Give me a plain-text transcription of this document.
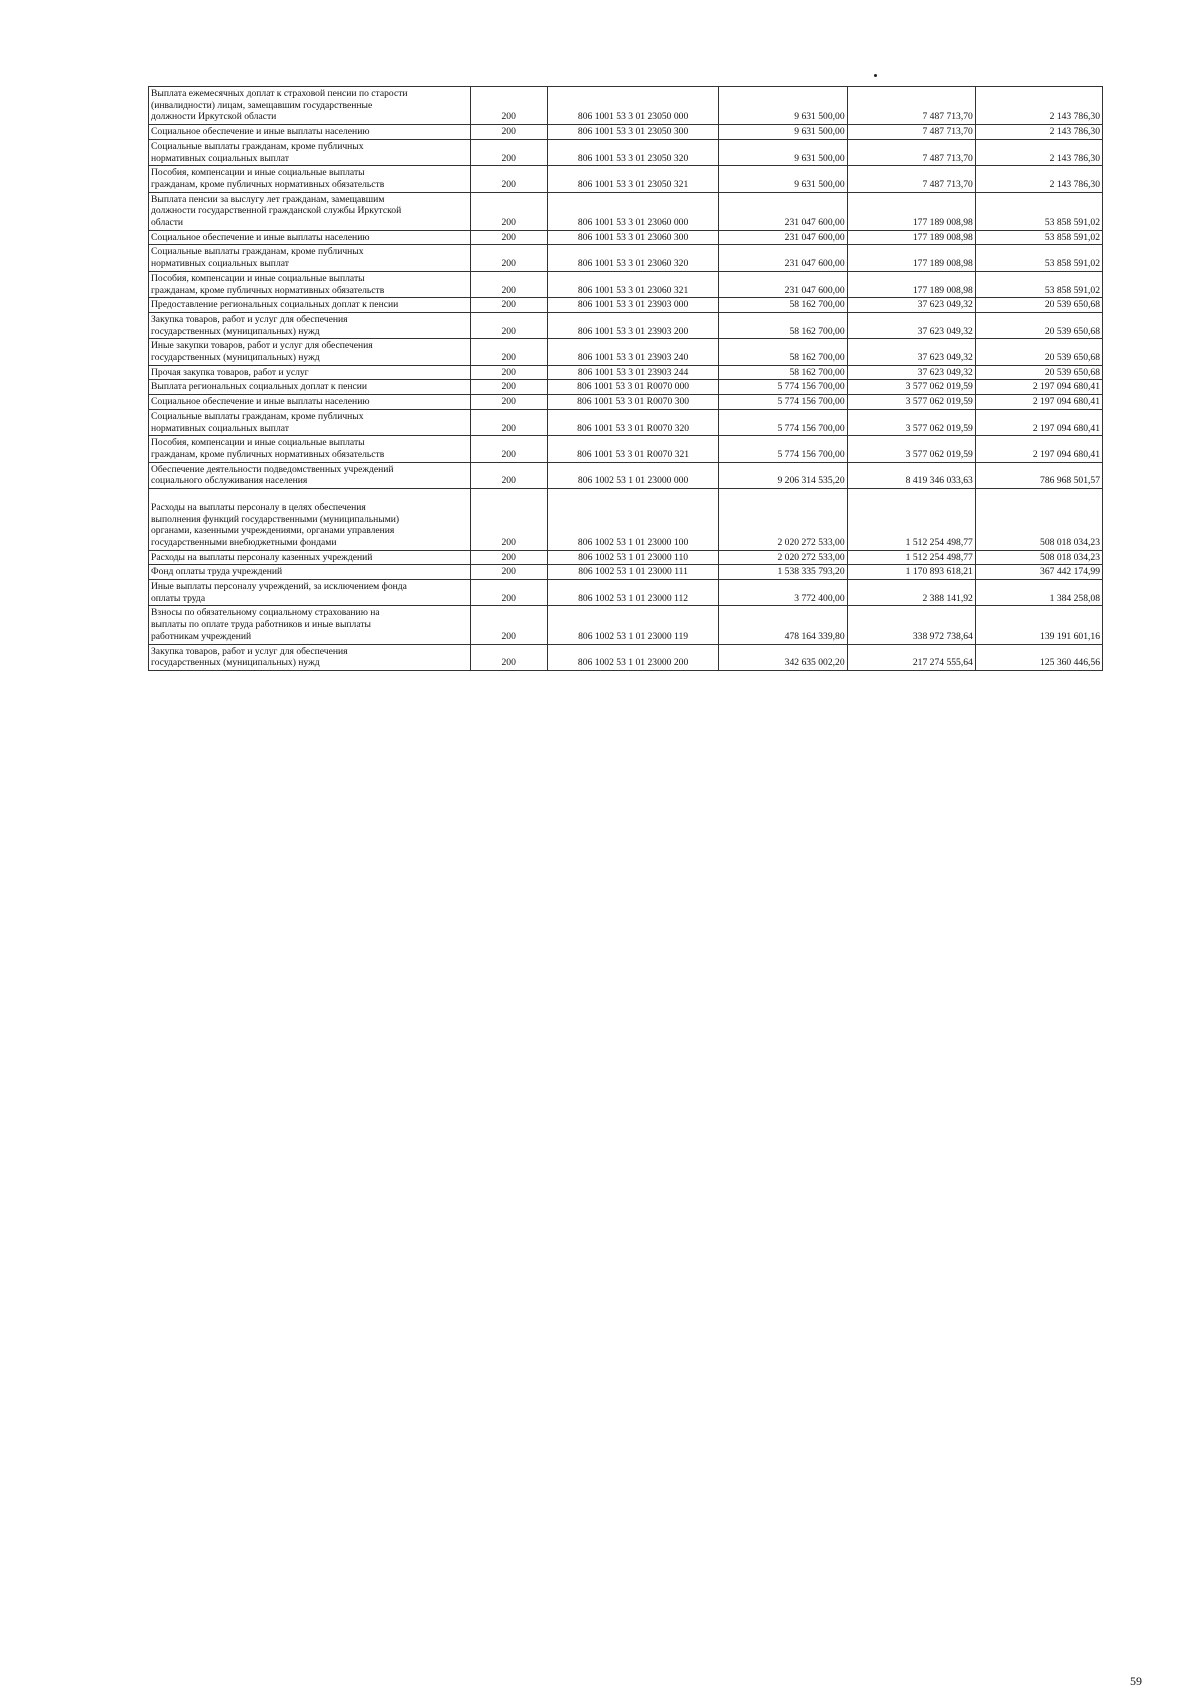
Выплата ежемесячных доплат к страховой пенсии по старости
(инвалидности) лицам, замещавшим государственные
должности Иркутской области	200	806 1001 53 3 01 23050 000	9 631 500,00	7 487 713,70	2 143 786,30
Социальное обеспечение и иные выплаты населению	200	806 1001 53 3 01 23050 300	9 631 500,00	7 487 713,70	2 143 786,30
Социальные выплаты гражданам, кроме публичных
нормативных социальных выплат	200	806 1001 53 3 01 23050 320	9 631 500,00	7 487 713,70	2 143 786,30
Пособия, компенсации и иные социальные выплаты
гражданам, кроме публичных нормативных обязательств	200	806 1001 53 3 01 23050 321	9 631 500,00	7 487 713,70	2 143 786,30
Выплата пенсии за выслугу лет гражданам, замещавшим
должности государственной гражданской службы Иркутской
области	200	806 1001 53 3 01 23060 000	231 047 600,00	177 189 008,98	53 858 591,02
Социальное обеспечение и иные выплаты населению	200	806 1001 53 3 01 23060 300	231 047 600,00	177 189 008,98	53 858 591,02
Социальные выплаты гражданам, кроме публичных
нормативных социальных выплат	200	806 1001 53 3 01 23060 320	231 047 600,00	177 189 008,98	53 858 591,02
Пособия, компенсации и иные социальные выплаты
гражданам, кроме публичных нормативных обязательств	200	806 1001 53 3 01 23060 321	231 047 600,00	177 189 008,98	53 858 591,02
Предоставление региональных социальных доплат к пенсии	200	806 1001 53 3 01 23903 000	58 162 700,00	37 623 049,32	20 539 650,68
Закупка товаров, работ и услуг для обеспечения
государственных (муниципальных) нужд	200	806 1001 53 3 01 23903 200	58 162 700,00	37 623 049,32	20 539 650,68
Иные закупки товаров, работ и услуг для обеспечения
государственных (муниципальных) нужд	200	806 1001 53 3 01 23903 240	58 162 700,00	37 623 049,32	20 539 650,68
Прочая закупка товаров, работ и услуг	200	806 1001 53 3 01 23903 244	58 162 700,00	37 623 049,32	20 539 650,68
Выплата региональных социальных доплат к пенсии	200	806 1001 53 3 01 R0070 000	5 774 156 700,00	3 577 062 019,59	2 197 094 680,41
Социальное обеспечение и иные выплаты населению	200	806 1001 53 3 01 R0070 300	5 774 156 700,00	3 577 062 019,59	2 197 094 680,41
Социальные выплаты гражданам, кроме публичных
нормативных социальных выплат	200	806 1001 53 3 01 R0070 320	5 774 156 700,00	3 577 062 019,59	2 197 094 680,41
Пособия, компенсации и иные социальные выплаты
гражданам, кроме публичных нормативных обязательств	200	806 1001 53 3 01 R0070 321	5 774 156 700,00	3 577 062 019,59	2 197 094 680,41
Обеспечение деятельности подведомственных учреждений
социального обслуживания населения	200	806 1002 53 1 01 23000 000	9 206 314 535,20	8 419 346 033,63	786 968 501,57

Расходы на выплаты персоналу в целях обеспечения
выполнения функций государственными (муниципальными)
органами, казенными учреждениями, органами управления
государственными внебюджетными фондами	200	806 1002 53 1 01 23000 100	2 020 272 533,00	1 512 254 498,77	508 018 034,23
Расходы на выплаты персоналу казенных учреждений	200	806 1002 53 1 01 23000 110	2 020 272 533,00	1 512 254 498,77	508 018 034,23
Фонд оплаты труда учреждений	200	806 1002 53 1 01 23000 111	1 538 335 793,20	1 170 893 618,21	367 442 174,99
Иные выплаты персоналу учреждений, за исключением фонда
оплаты труда	200	806 1002 53 1 01 23000 112	3 772 400,00	2 388 141,92	1 384 258,08
Взносы по обязательному социальному страхованию на
выплаты по оплате труда работников и иные выплаты
работникам учреждений	200	806 1002 53 1 01 23000 119	478 164 339,80	338 972 738,64	139 191 601,16
Закупка товаров, работ и услуг для обеспечения
государственных (муниципальных) нужд	200	806 1002 53 1 01 23000 200	342 635 002,20	217 274 555,64	125 360 446,56
59
